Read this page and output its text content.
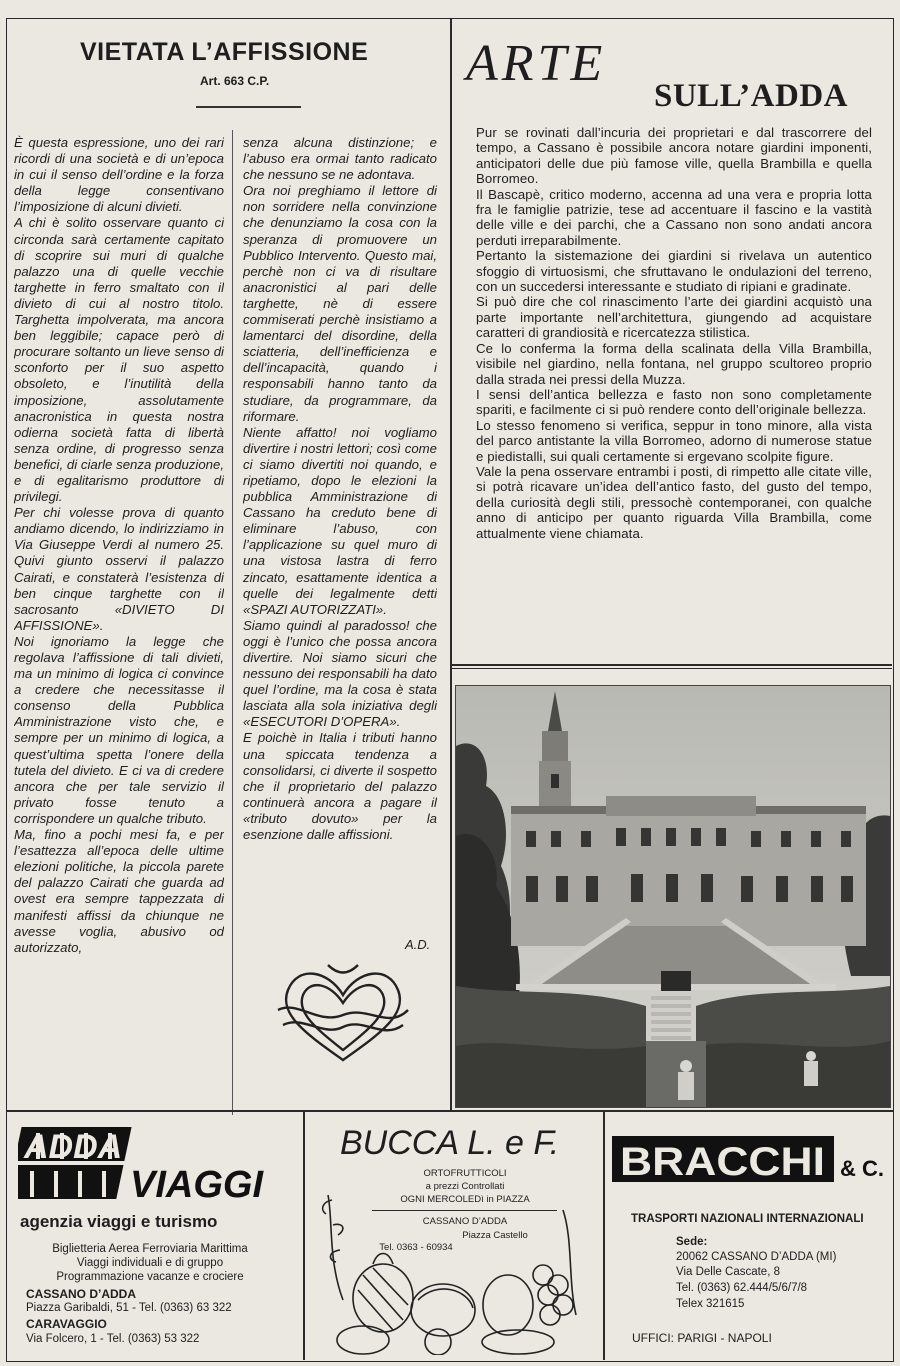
VIETATA L’AFFISSIONE
Art. 663 C.P.

È questa espressione, uno dei rari ricordi di una società e di un’epoca in cui il senso dell’ordine e la forza della legge consentivano l’imposizione di alcuni divieti.

A chi è solito osservare quanto ci circonda sarà certamente capitato di scoprire sui muri di qualche palazzo una di quelle vecchie targhette in ferro smaltato con il divieto di cui al nostro titolo. Targhetta impolverata, ma ancora ben leggibile; capace però di procurare soltanto un lieve senso di sconforto per il suo aspetto obsoleto, e l’inutilità della imposizione, assolutamente anacronistica in questa nostra odierna società fatta di libertà senza ordine, di progresso senza benefici, di ciarle senza produzione, e di egalitarismo produttore di privilegi.

Per chi volesse prova di quanto andiamo dicendo, lo indirizziamo in Via Giuseppe Verdi al numero 25. Quivi giunto osservi il palazzo Cairati, e constaterà l’esistenza di ben cinque targhette con il sacrosanto «DIVIETO DI AFFISSIONE».

Noi ignoriamo la legge che regolava l’affissione di tali divieti, ma un minimo di logica ci convince a credere che necessitasse il consenso della Pubblica Amministrazione visto che, e sempre per un minimo di logica, a quest’ultima spetta l’onere della tutela del divieto. E ci va di credere ancora che per tale servizio il privato fosse tenuto a corrispondere un qualche tributo.

Ma, fino a pochi mesi fa, e per l’esattezza all’epoca delle ultime elezioni politiche, la piccola parete del palazzo Cairati che guarda ad ovest era sempre tappezzata di manifesti affissi da chiunque ne avesse voglia, abusivo od autorizzato,

senza alcuna distinzione; e l’abuso era ormai tanto radicato che nessuno se ne adontava.

Ora noi preghiamo il lettore di non sorridere nella convinzione che denunziamo la cosa con la speranza di promuovere un Pubblico Intervento. Questo mai, perchè non ci va di risultare anacronistici al pari delle targhette, nè di essere commiserati perchè insistiamo a lamentarci del disordine, della sciatteria, dell’inefficienza e dell’incapacità, quando i responsabili hanno tanto da studiare, da programmare, da riformare.

Niente affatto! noi vogliamo divertire i nostri lettori; così come ci siamo divertiti noi quando, e ripetiamo, dopo le elezioni la pubblica Amministrazione di Cassano ha creduto bene di eliminare l’abuso, con l’applicazione su quel muro di una vistosa lastra di ferro zincato, esattamente identica a quelle dei legalmente detti «SPAZI AUTORIZZATI».

Siamo quindi al paradosso! che oggi è l’unico che possa ancora divertire. Noi siamo sicuri che nessuno dei responsabili ha dato quel l’ordine, ma la cosa è stata lasciata alla sola iniziativa degli «ESECUTORI D’OPERA».

E poichè in Italia i tributi hanno una spiccata tendenza a consolidarsi, ci diverte il sospetto che il proprietario del palazzo continuerà ancora a pagare il «tributo dovuto» per la esenzione dalle affissioni.

A.D.
ARTE
SULL’ADDA

Pur se rovinati dall’incuria dei proprietari e dal trascorrere del tempo, a Cassano è possibile ancora notare giardini imponenti, anticipatori delle due più famose ville, quella Brambilla e quella Borromeo.

Il Bascapè, critico moderno, accenna ad una vera e propria lotta fra le famiglie patrizie, tese ad accentuare il fascino e la vastità delle ville e dei parchi, che a Cassano non sono andati ancora perduti irreparabilmente.

Pertanto la sistemazione dei giardini si rivelava un autentico sfoggio di virtuosismi, che sfruttavano le ondulazioni del terreno, con un succedersi interessante e studiato di ripiani e gradinate.

Si può dire che col rinascimento l’arte dei giardini acquistò una parte importante nell’architettura, giungendo ad acquistare caratteri di grandiosità e ricercatezza stilistica.

Ce lo conferma la forma della scalinata della Villa Brambilla, visibile nel giardino, nella fontana, nel gruppo scultoreo proprio dalla strada nei pressi della Muzza.

I sensi dell’antica bellezza e fasto non sono completamente spariti, e facilmente ci si può rendere conto dell’originale bellezza.

Lo stesso fenomeno si verifica, seppur in tono minore, alla vista del parco antistante la villa Borromeo, adorno di numerose statue e piedistalli, sui quali certamente si ergevano scolpite figure.

Vale la pena osservare entrambi i posti, di rimpetto alle citate ville, si potrà ricavare un’idea dell’antico fasto, del gusto del tempo, della curiosità degli stili, pressochè contemporanei, con qualche anno di anticipo per quanto riguarda Villa Brambilla, come attualmente viene chiamata.

ADDA
VIAGGI
agenzia viaggi e turismo
Biglietteria Aerea Ferroviaria Marittima
Viaggi individuali e di gruppo
Programmazione vacanze e crociere
CASSANO D’ADDA
Piazza Garibaldi, 51 - Tel. (0363) 63 322
CARAVAGGIO
Via Folcero, 1 - Tel. (0363) 53 322
BUCCA L. e F.
ORTOFRUTTICOLI
a prezzi Controllati
OGNI MERCOLEDì in PIAZZA
CASSANO D’ADDA
Piazza Castello
Tel. 0363 - 60934
BRACCHI & C.
TRASPORTI NAZIONALI INTERNAZIONALI
Sede:
20062 CASSANO D’ADDA (MI)
Via Delle Cascate, 8
Tel. (0363) 62.444/5/6/7/8
Telex 321615
UFFICI: PARIGI - NAPOLI
